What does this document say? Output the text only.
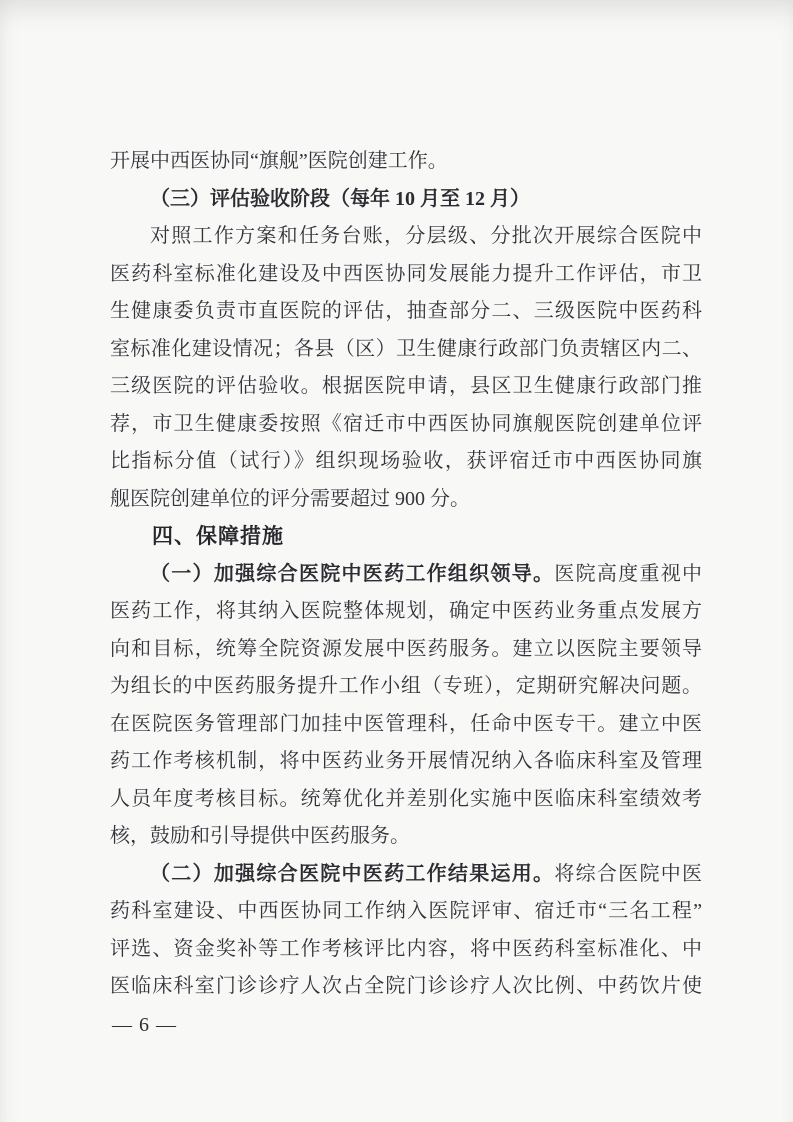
开展中西医协同“旗舰”医院创建工作。
（三）评估验收阶段（每年 10 月至 12 月）
对照工作方案和任务台账，分层级、分批次开展综合医院中
医药科室标准化建设及中西医协同发展能力提升工作评估，市卫
生健康委负责市直医院的评估，抽查部分二、三级医院中医药科
室标准化建设情况；各县（区）卫生健康行政部门负责辖区内二、
三级医院的评估验收。根据医院申请，县区卫生健康行政部门推
荐，市卫生健康委按照《宿迁市中西医协同旗舰医院创建单位评
比指标分值（试行）》组织现场验收，获评宿迁市中西医协同旗
舰医院创建单位的评分需要超过 900 分。
四、保障措施
（一）加强综合医院中医药工作组织领导。医院高度重视中
医药工作，将其纳入医院整体规划，确定中医药业务重点发展方
向和目标，统筹全院资源发展中医药服务。建立以医院主要领导
为组长的中医药服务提升工作小组（专班），定期研究解决问题。
在医院医务管理部门加挂中医管理科，任命中医专干。建立中医
药工作考核机制，将中医药业务开展情况纳入各临床科室及管理
人员年度考核目标。统筹优化并差别化实施中医临床科室绩效考
核，鼓励和引导提供中医药服务。
（二）加强综合医院中医药工作结果运用。将综合医院中医
药科室建设、中西医协同工作纳入医院评审、宿迁市“三名工程”
评选、资金奖补等工作考核评比内容，将中医药科室标准化、中
医临床科室门诊诊疗人次占全院门诊诊疗人次比例、中药饮片使
— 6 —
